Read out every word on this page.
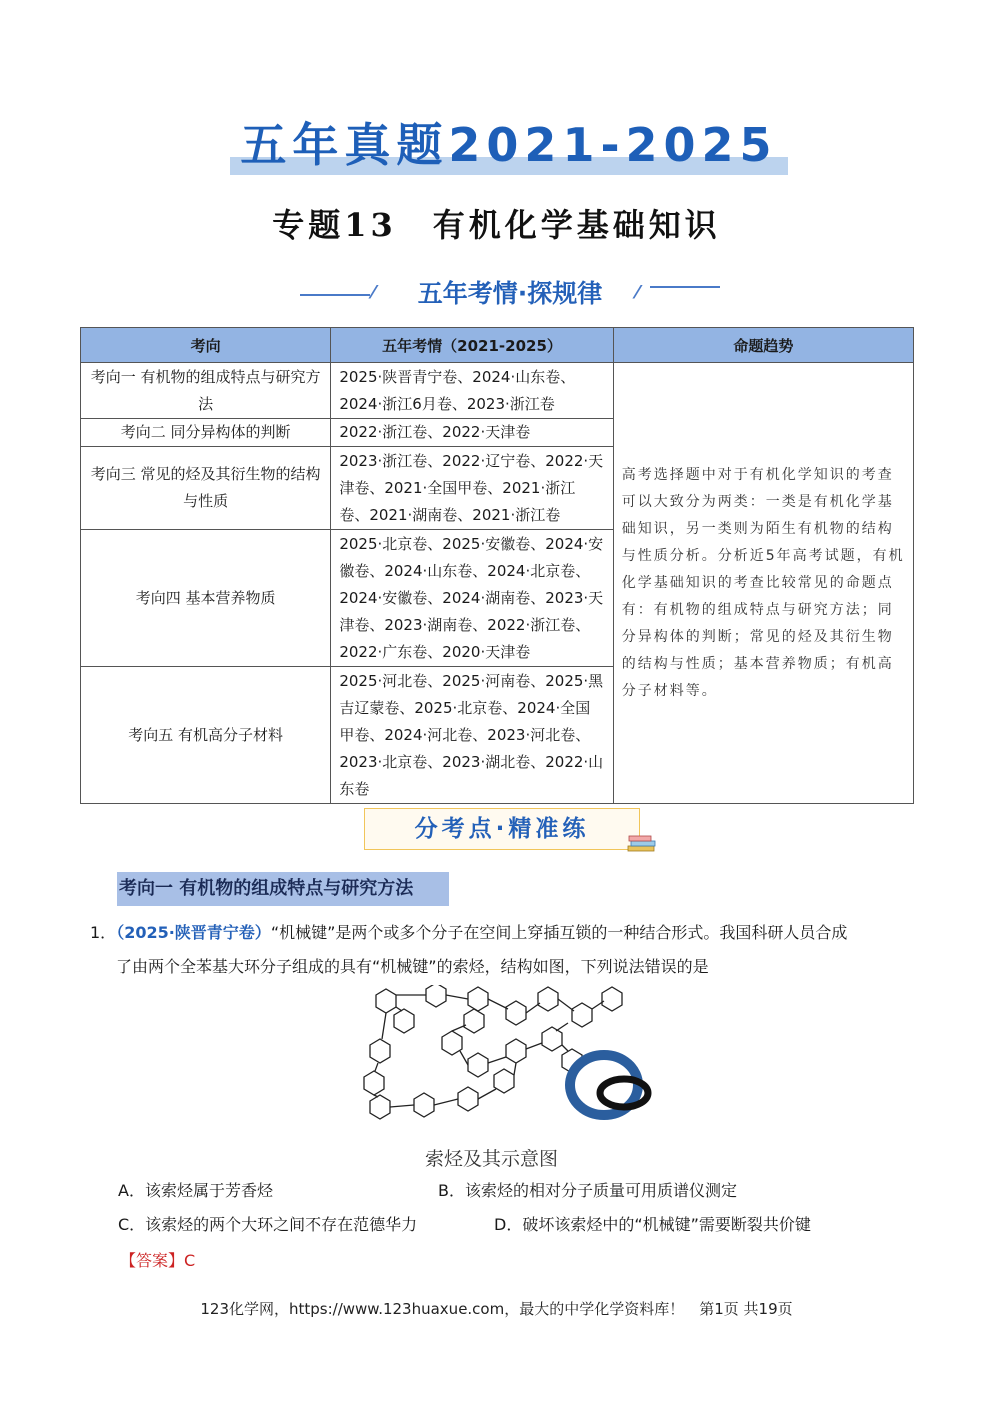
五年真题2021-2025
专题13　有机化学基础知识
⁄	五年考情·探规律	⁄
考向	五年考情（2021-2025）	命题趋势
考向一 有机物的组成特点与研究方法	2025·陕晋青宁卷、2024·山东卷、2024·浙江6月卷、2023·浙江卷	高考选择题中对于有机化学知识的考查可以大致分为两类：一类是有机化学基础知识，另一类则为陌生有机物的结构与性质分析。分析近5年高考试题，有机化学基础知识的考查比较常见的命题点有：有机物的组成特点与研究方法；同分异构体的判断；常见的烃及其衍生物的结构与性质；基本营养物质；有机高分子材料等。
考向二 同分异构体的判断	2022·浙江卷、2022·天津卷	
考向三 常见的烃及其衍生物的结构与性质	2023·浙江卷、2022·辽宁卷、2022·天津卷、2021·全国甲卷、2021·浙江卷、2021·湖南卷、2021·浙江卷	
考向四 基本营养物质	2025·北京卷、2025·安徽卷、2024·安徽卷、2024·山东卷、2024·北京卷、2024·安徽卷、2024·湖南卷、2023·天津卷、2023·湖南卷、2022·浙江卷、2022·广东卷、2020·天津卷	
考向五 有机高分子材料	2025·河北卷、2025·河南卷、2025·黑吉辽蒙卷、2025·北京卷、2024·全国甲卷、2024·河北卷、2023·河北卷、2023·北京卷、2023·湖北卷、2022·山东卷	
分考点·精准练
考向一 有机物的组成特点与研究方法
1．（2025·陕晋青宁卷）“机械键”是两个或多个分子在空间上穿插互锁的一种结合形式。我国科研人员合成
了由两个全苯基大环分子组成的具有“机械键”的索烃，结构如图，下列说法错误的是
索烃及其示意图
A．该索烃属于芳香烃	B．该索烃的相对分子质量可用质谱仪测定
C．该索烃的两个大环之间不存在范德华力	D．破坏该索烃中的“机械键”需要断裂共价键
【答案】C
123化学网，https://www.123huaxue.com，最大的中学化学资料库！　第1页 共19页
